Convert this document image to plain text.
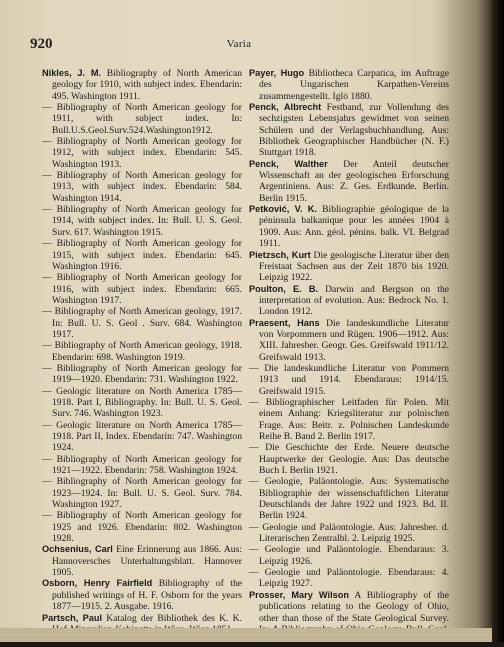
920	Varia
Nikles, J. M. Bibliography of North American geology for 1910, with subject index. Ebendarin: 495. Washington 1911.
— Bibliography of North American geology for 1911, with subject index. In: Bull.U.S.Geol.Surv.524.Washington1912.
— Bibliography of North American geology for 1912, with subject index. Ebendarin: 545. Washington 1913.
— Bibliography of North American geology for 1913, with subject index. Ebendarin: 584. Washington 1914.
— Bibliography of North American geology for 1914, with subject index. In: Bull. U. S. Geol. Surv. 617. Washington 1915.
— Bibliography of North American geology for 1915, with subject index. Ebendarin: 645. Washington 1916.
— Bibliography of North American geology for 1916, with subject index. Ebendarin: 665. Washington 1917.
— Bibliography of North American geology, 1917. In: Bull. U. S. Geol . Surv. 684. Washington 1917.
— Bibliography of North American geology, 1918. Ebendarin: 698. Washington 1919.
— Bibliography of North American geology for 1919—1920. Ebendarin: 731. Washington 1922.
— Geologic literature on North America 1785—1918. Part I, Bibliography. In: Bull. U. S. Geol. Surv. 746. Washington 1923.
— Geologic literature on North America 1785—1918. Part II, Index. Ebendarin: 747. Washington 1924.
— Bibliography of North American geology for 1921—1922. Ebendarin: 758. Washington 1924.
— Bibliography of North American geology for 1923—1924. In: Bull. U. S. Geol. Surv. 784. Washington 1927.
— Bibliography of North American geology for 1925 and 1926. Ebendarin: 802. Washington 1928.
Ochsenius, Carl Eine Erinnerung aus 1866. Aus: Hannoversches Unterhaltungsblatt. Hannover 1905.
Osborn, Henry Fairfield Bibliography of the published writings of H. F. Osborn for the years 1877—1915. 2. Ausgabe. 1916.
Partsch, Paul Katalog der Bibliothek des K. K.
Payer, Hugo Bibliotheca Carpatica, im Auftrage des Ungarischen Karpathen-Vereins zusammengestellt. Iglό 1880.
Penck, Albrecht Festband, zur Vollendung des sechzigsten Lebensjahrs gewidmet von seinen Schülern und der Verlagsbuchhandlung. Aus: Bibliothek Geographischer Handbücher (N. F.) Stuttgart 1918.
Penck, Walther Der Anteil deutscher Wissenschaft an der geologischen Erforschung Argentiniens. Aus: Z. Ges. Erdkunde. Berlin. Berlin 1915.
Petković, V. K. Bibliographie géologique de la péninsula balkanique pour les années 1904 à 1909. Aus: Ann. géol. pénins. balk. VI. Belgrad 1911.
Pietzsch, Kurt Die geologische Literatur über den Freistaat Sachsen aus der Zeit 1870 bis 1920. Leipzig 1922.
Poulton, E. B. Darwin and Bergson on the interpretation of evolution. Aus: Bedrock No. 1. London 1912.
Praesent, Hans Die landeskundliche Literatur von Vorpommern und Rügen. 1906—1912. Aus: XIII. Jahresber. Geogr. Ges. Greifswald 1911/12. Greifswald 1913.
— Die landeskundliche Literatur von Pommern 1913 und 1914. Ebendaraus: 1914/15. Greifswald 1915.
— Bibliographischer Leitfaden für Polen. Mit einem Anhang: Kriegsliteratur zur polnischen Frage. Aus: Beitr. z. Polnischen Landeskunde Reihe B. Band 2. Berlin 1917.
— Die Geschichte der Erde. Neuere deutsche Hauptwerke der Geologie. Aus: Das deutsche Buch I. Berlin 1921.
— Geologie, Paläontologie. Aus: Systematische Bibliographie der wissenschaftlichen Literatur Deutschlands der Jahre 1922 und 1923. Bd. II. Berlin 1924.
— Geologie und Paläontologie. Aus: Jahresber. d. Literarischen Zentralbl. 2. Leipzig 1925.
— Geologie und Paläontologie. Ebendaraus: 3. Leipzig 1926.
— Geologie und Paläontologie. Ebendaraus: 4. Leipzig 1927.
Prosser, Mary Wilson A Bibliography of the publications relating to the Geology of Ohio, other than those of the State Geological Survey.
